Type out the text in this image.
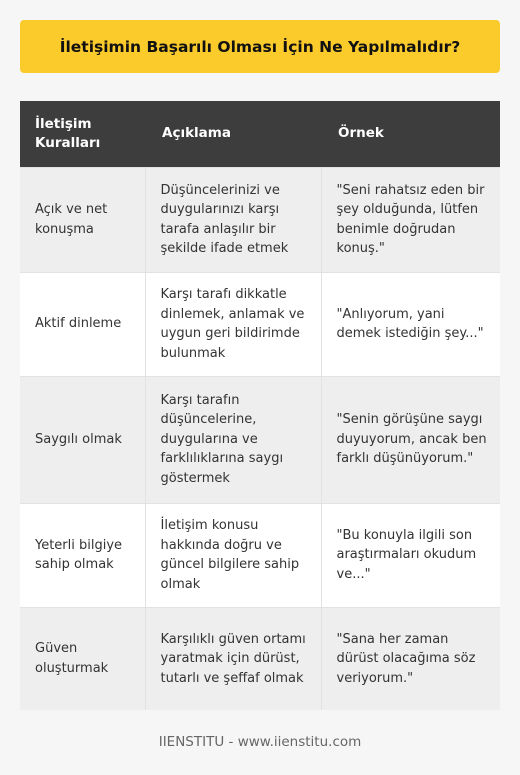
İletişimin Başarılı Olması İçin Ne Yapılmalıdır?
İletişim Kuralları	Açıklama	Örnek
Açık ve net konuşma	Düşüncelerinizi ve duygularınızı karşı tarafa anlaşılır bir şekilde ifade etmek	"Seni rahatsız eden bir şey olduğunda, lütfen benimle doğrudan konuş."
Aktif dinleme	Karşı tarafı dikkatle dinlemek, anlamak ve uygun geri bildirimde bulunmak	"Anlıyorum, yani demek istediğin şey..."
Saygılı olmak	Karşı tarafın düşüncelerine, duygularına ve farklılıklarına saygı göstermek	"Senin görüşüne saygı duyuyorum, ancak ben farklı düşünüyorum."
Yeterli bilgiye sahip olmak	İletişim konusu hakkında doğru ve güncel bilgilere sahip olmak	"Bu konuyla ilgili son araştırmaları okudum ve..."
Güven oluşturmak	Karşılıklı güven ortamı yaratmak için dürüst, tutarlı ve şeffaf olmak	"Sana her zaman dürüst olacağıma söz veriyorum."
IIENSTITU - www.iienstitu.com
